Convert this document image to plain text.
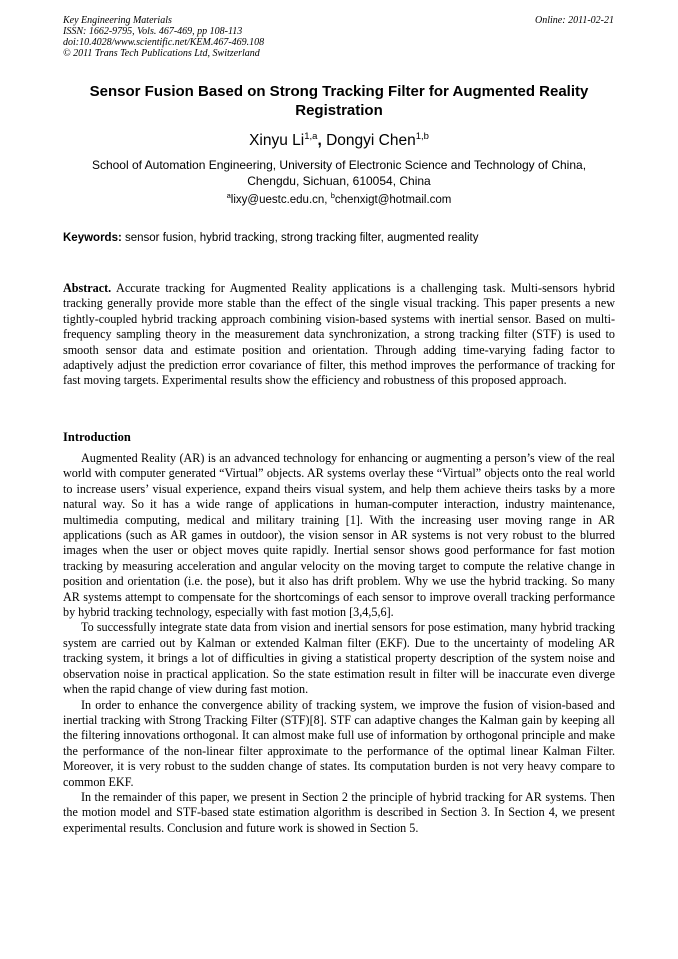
Key Engineering Materials
ISSN: 1662-9795, Vols. 467-469, pp 108-113
doi:10.4028/www.scientific.net/KEM.467-469.108
© 2011 Trans Tech Publications Ltd, Switzerland
Online: 2011-02-21
Sensor Fusion Based on Strong Tracking Filter for Augmented Reality Registration
Xinyu Li$^{1,a}$, Dongyi Chen$^{1,b}$
School of Automation Engineering, University of Electronic Science and Technology of China,
Chengdu, Sichuan, 610054, China
$^a$lixy@uestc.edu.cn, $^b$chenxigt@hotmail.com
Keywords: sensor fusion, hybrid tracking, strong tracking filter, augmented reality
Abstract. Accurate tracking for Augmented Reality applications is a challenging task. Multi-sensors hybrid tracking generally provide more stable than the effect of the single visual tracking. This paper presents a new tightly-coupled hybrid tracking approach combining vision-based systems with inertial sensor. Based on multi-frequency sampling theory in the measurement data synchronization, a strong tracking filter (STF) is used to smooth sensor data and estimate position and orientation. Through adding time-varying fading factor to adaptively adjust the prediction error covariance of filter, this method improves the performance of tracking for fast moving targets. Experimental results show the efficiency and robustness of this proposed approach.
Introduction

Augmented Reality (AR) is an advanced technology for enhancing or augmenting a person’s view of the real world with computer generated “Virtual” objects. AR systems overlay these “Virtual” objects onto the real world to increase users’ visual experience, expand theirs visual system, and help them achieve theirs tasks by a more natural way. So it has a wide range of applications in human-computer interaction, industry maintenance, multimedia computing, medical and military training [1]. With the increasing user moving range in AR applications (such as AR games in outdoor), the vision sensor in AR systems is not very robust to the blurred images when the user or object moves quite rapidly. Inertial sensor shows good performance for fast motion tracking by measuring acceleration and angular velocity on the moving target to compute the relative change in position and orientation (i.e. the pose), but it also has drift problem. Why we use the hybrid tracking. So many AR systems attempt to compensate for the shortcomings of each sensor to improve overall tracking performance by hybrid tracking technology, especially with fast motion [3,4,5,6].

To successfully integrate state data from vision and inertial sensors for pose estimation, many hybrid tracking system are carried out by Kalman or extended Kalman filter (EKF). Due to the uncertainty of modeling AR tracking system, it brings a lot of difficulties in giving a statistical property description of the system noise and observation noise in practical application. So the state estimation result in filter will be inaccurate even diverge when the rapid change of view during fast motion.

In order to enhance the convergence ability of tracking system, we improve the fusion of vision-based and inertial tracking with Strong Tracking Filter (STF)[8]. STF can adaptive changes the Kalman gain by keeping all the filtering innovations orthogonal. It can almost make full use of information by orthogonal principle and make the performance of the non-linear filter approximate to the performance of the optimal linear Kalman Filter. Moreover, it is very robust to the sudden change of states. Its computation burden is not very heavy compare to common EKF.

In the remainder of this paper, we present in Section 2 the principle of hybrid tracking for AR systems. Then the motion model and STF-based state estimation algorithm is described in Section 3. In Section 4, we present experimental results. Conclusion and future work is showed in Section 5.
